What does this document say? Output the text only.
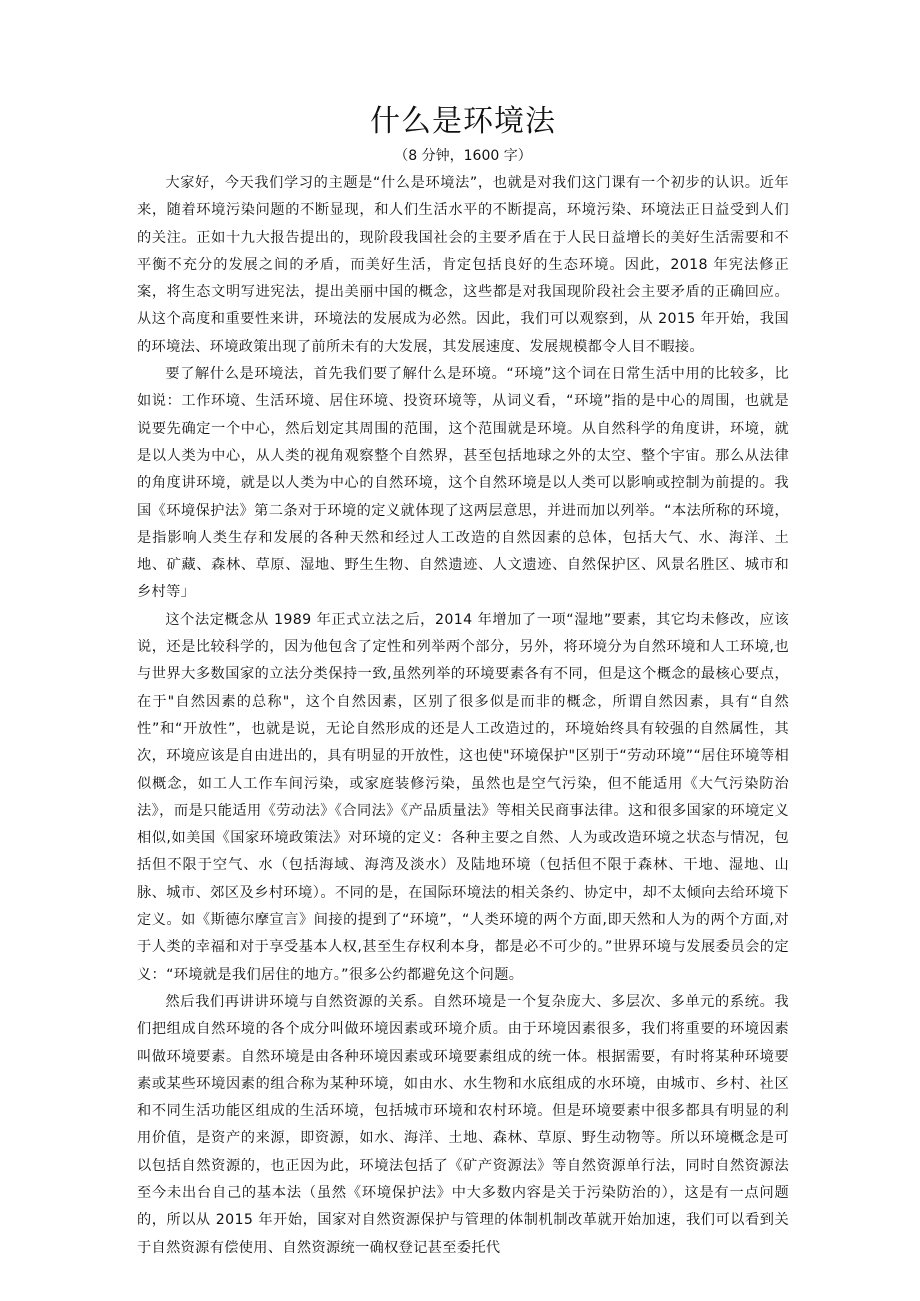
什么是环境法
（8 分钟，1600 字）

大家好，今天我们学习的主题是“什么是环境法”，也就是对我们这门课有一个初步的认识。近年来，随着环境污染问题的不断显现，和人们生活水平的不断提高，环境污染、环境法正日益受到人们的关注。正如十九大报告提出的，现阶段我国社会的主要矛盾在于人民日益增长的美好生活需要和不平衡不充分的发展之间的矛盾，而美好生活，肯定包括良好的生态环境。因此，2018 年宪法修正案，将生态文明写进宪法，提出美丽中国的概念，这些都是对我国现阶段社会主要矛盾的正确回应。从这个高度和重要性来讲，环境法的发展成为必然。因此，我们可以观察到，从 2015 年开始，我国的环境法、环境政策出现了前所未有的大发展，其发展速度、发展规模都令人目不暇接。

要了解什么是环境法，首先我们要了解什么是环境。“环境”这个词在日常生活中用的比较多，比如说：工作环境、生活环境、居住环境、投资环境等，从词义看，“环境”指的是中心的周围，也就是说要先确定一个中心，然后划定其周围的范围，这个范围就是环境。从自然科学的角度讲，环境，就是以人类为中心，从人类的视角观察整个自然界，甚至包括地球之外的太空、整个宇宙。那么从法律的角度讲环境，就是以人类为中心的自然环境，这个自然环境是以人类可以影响或控制为前提的。我国《环境保护法》第二条对于环境的定义就体现了这两层意思，并进而加以列举。“本法所称的环境，是指影响人类生存和发展的各种天然和经过人工改造的自然因素的总体，包括大气、水、海洋、土地、矿藏、森林、草原、湿地、野生生物、自然遗迹、人文遗迹、自然保护区、风景名胜区、城市和乡村等」

这个法定概念从 1989 年正式立法之后，2014 年增加了一项“湿地”要素，其它均未修改，应该说，还是比较科学的，因为他包含了定性和列举两个部分，另外，将环境分为自然环境和人工环境,也与世界大多数国家的立法分类保持一致,虽然列举的环境要素各有不同，但是这个概念的最核心要点，在于"自然因素的总称"，这个自然因素，区别了很多似是而非的概念，所谓自然因素，具有“自然性”和“开放性”，也就是说，无论自然形成的还是人工改造过的，环境始终具有较强的自然属性，其次，环境应该是自由进出的，具有明显的开放性，这也使"环境保护"区别于“劳动环境”“居住环境等相似概念，如工人工作车间污染，或家庭装修污染，虽然也是空气污染，但不能适用《大气污染防治法》，而是只能适用《劳动法》《合同法》《产品质量法》等相关民商事法律。这和很多国家的环境定义相似,如美国《国家环境政策法》对环境的定义：各种主要之自然、人为或改造环境之状态与情况，包括但不限于空气、水（包括海域、海湾及淡水）及陆地环境（包括但不限于森林、干地、湿地、山脉、城市、郊区及乡村环境）。不同的是，在国际环境法的相关条约、协定中，却不太倾向去给环境下定义。如《斯德尔摩宣言》间接的提到了“环境”，“人类环境的两个方面,即天然和人为的两个方面,对于人类的幸福和对于享受基本人权,甚至生存权利本身，都是必不可少的。”世界环境与发展委员会的定义：“环境就是我们居住的地方。”很多公约都避免这个问题。

然后我们再讲讲环境与自然资源的关系。自然环境是一个复杂庞大、多层次、多单元的系统。我们把组成自然环境的各个成分叫做环境因素或环境介质。由于环境因素很多，我们将重要的环境因素叫做环境要素。自然环境是由各种环境因素或环境要素组成的统一体。根据需要，有时将某种环境要素或某些环境因素的组合称为某种环境，如由水、水生物和水底组成的水环境，由城市、乡村、社区和不同生活功能区组成的生活环境，包括城市环境和农村环境。但是环境要素中很多都具有明显的利用价值，是资产的来源，即资源，如水、海洋、土地、森林、草原、野生动物等。所以环境概念是可以包括自然资源的，也正因为此，环境法包括了《矿产资源法》等自然资源单行法，同时自然资源法至今未出台自己的基本法（虽然《环境保护法》中大多数内容是关于污染防治的），这是有一点问题的，所以从 2015 年开始，国家对自然资源保护与管理的体制机制改革就开始加速，我们可以看到关于自然资源有偿使用、自然资源统一确权登记甚至委托代
